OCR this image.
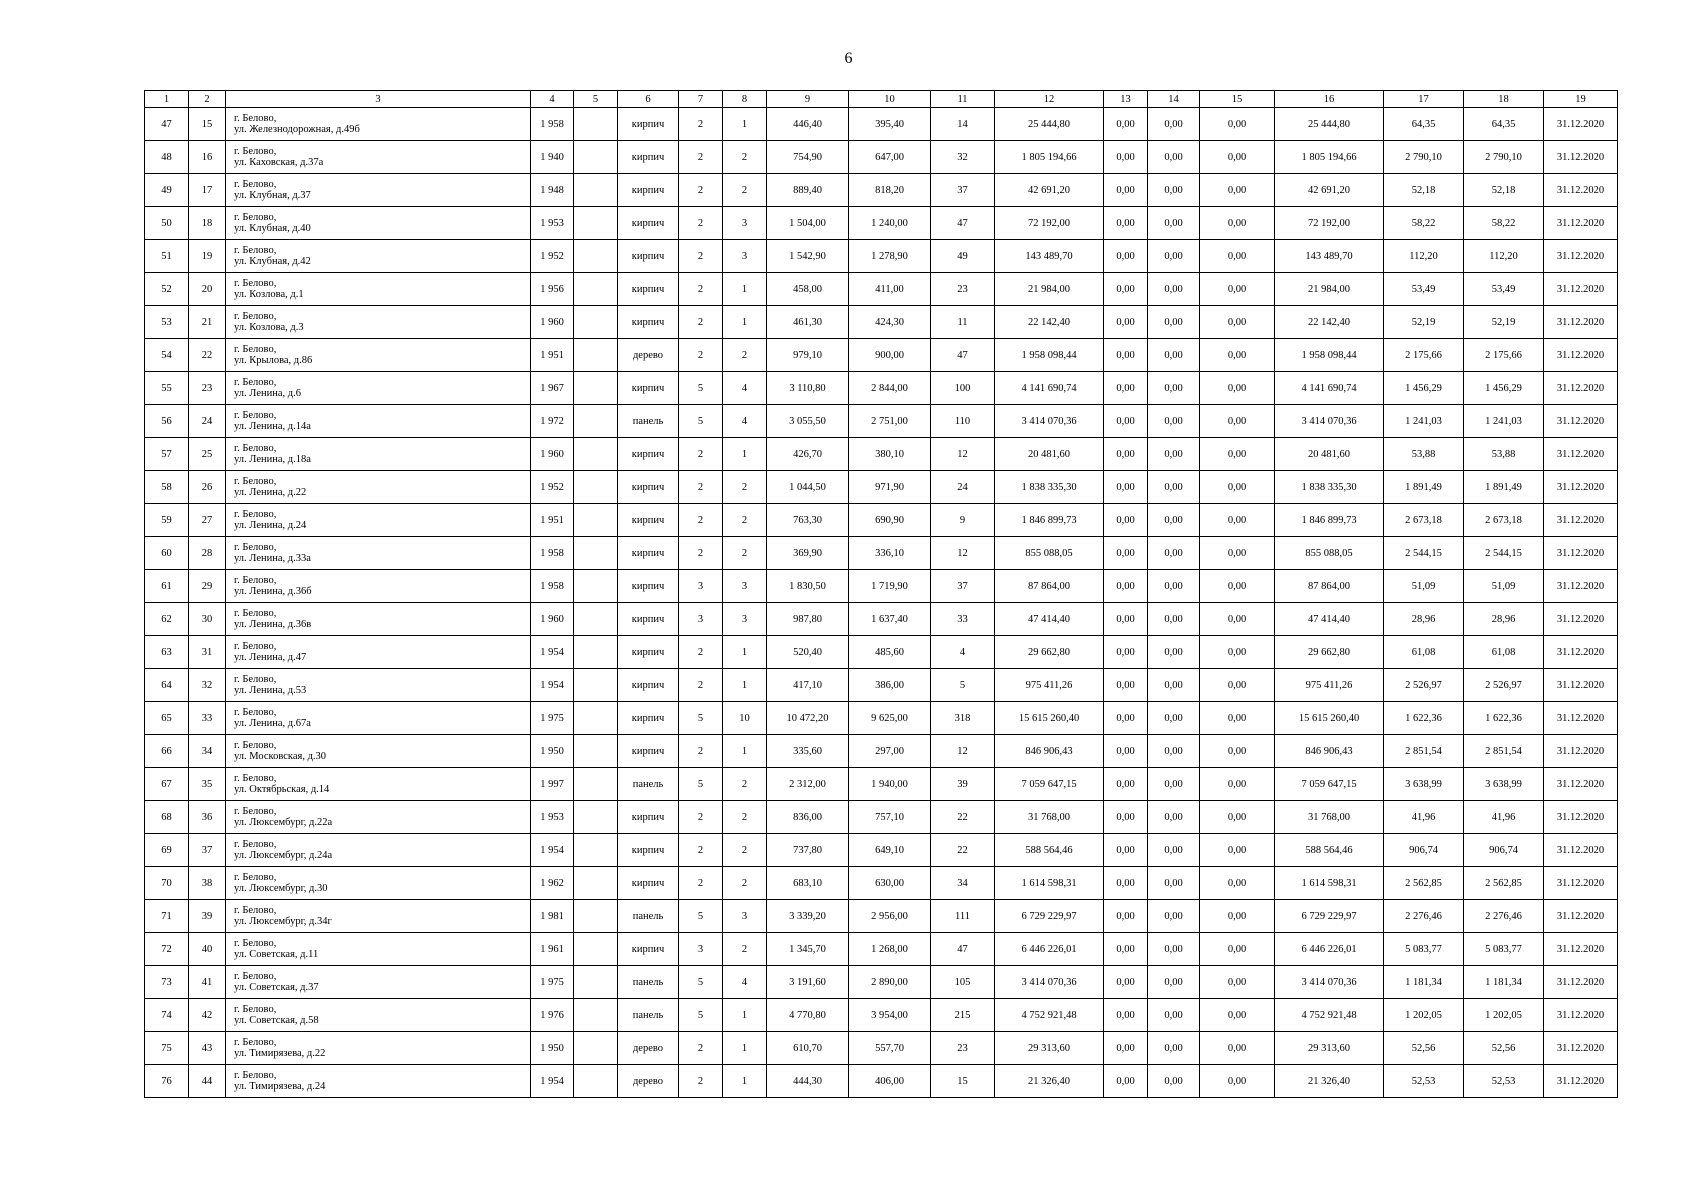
6
1	2	3	4	5	6	7	8	9	10	11	12	13	14	15	16	17	18	19
47	15	г. Белово,
ул. Железнодорожная, д.49б	1 958		кирпич	2	1	446,40	395,40	14	25 444,80	0,00	0,00	0,00	25 444,80	64,35	64,35	31.12.2020
48	16	г. Белово,
ул. Каховская, д.37а	1 940		кирпич	2	2	754,90	647,00	32	1 805 194,66	0,00	0,00	0,00	1 805 194,66	2 790,10	2 790,10	31.12.2020
49	17	г. Белово,
ул. Клубная, д.37	1 948		кирпич	2	2	889,40	818,20	37	42 691,20	0,00	0,00	0,00	42 691,20	52,18	52,18	31.12.2020
50	18	г. Белово,
ул. Клубная, д.40	1 953		кирпич	2	3	1 504,00	1 240,00	47	72 192,00	0,00	0,00	0,00	72 192,00	58,22	58,22	31.12.2020
51	19	г. Белово,
ул. Клубная, д.42	1 952		кирпич	2	3	1 542,90	1 278,90	49	143 489,70	0,00	0,00	0,00	143 489,70	112,20	112,20	31.12.2020
52	20	г. Белово,
ул. Козлова, д.1	1 956		кирпич	2	1	458,00	411,00	23	21 984,00	0,00	0,00	0,00	21 984,00	53,49	53,49	31.12.2020
53	21	г. Белово,
ул. Козлова, д.3	1 960		кирпич	2	1	461,30	424,30	11	22 142,40	0,00	0,00	0,00	22 142,40	52,19	52,19	31.12.2020
54	22	г. Белово,
ул. Крылова, д.86	1 951		дерево	2	2	979,10	900,00	47	1 958 098,44	0,00	0,00	0,00	1 958 098,44	2 175,66	2 175,66	31.12.2020
55	23	г. Белово,
ул. Ленина, д.6	1 967		кирпич	5	4	3 110,80	2 844,00	100	4 141 690,74	0,00	0,00	0,00	4 141 690,74	1 456,29	1 456,29	31.12.2020
56	24	г. Белово,
ул. Ленина, д.14а	1 972		панель	5	4	3 055,50	2 751,00	110	3 414 070,36	0,00	0,00	0,00	3 414 070,36	1 241,03	1 241,03	31.12.2020
57	25	г. Белово,
ул. Ленина, д.18а	1 960		кирпич	2	1	426,70	380,10	12	20 481,60	0,00	0,00	0,00	20 481,60	53,88	53,88	31.12.2020
58	26	г. Белово,
ул. Ленина, д.22	1 952		кирпич	2	2	1 044,50	971,90	24	1 838 335,30	0,00	0,00	0,00	1 838 335,30	1 891,49	1 891,49	31.12.2020
59	27	г. Белово,
ул. Ленина, д.24	1 951		кирпич	2	2	763,30	690,90	9	1 846 899,73	0,00	0,00	0,00	1 846 899,73	2 673,18	2 673,18	31.12.2020
60	28	г. Белово,
ул. Ленина, д.33а	1 958		кирпич	2	2	369,90	336,10	12	855 088,05	0,00	0,00	0,00	855 088,05	2 544,15	2 544,15	31.12.2020
61	29	г. Белово,
ул. Ленина, д.36б	1 958		кирпич	3	3	1 830,50	1 719,90	37	87 864,00	0,00	0,00	0,00	87 864,00	51,09	51,09	31.12.2020
62	30	г. Белово,
ул. Ленина, д.36в	1 960		кирпич	3	3	987,80	1 637,40	33	47 414,40	0,00	0,00	0,00	47 414,40	28,96	28,96	31.12.2020
63	31	г. Белово,
ул. Ленина, д.47	1 954		кирпич	2	1	520,40	485,60	4	29 662,80	0,00	0,00	0,00	29 662,80	61,08	61,08	31.12.2020
64	32	г. Белово,
ул. Ленина, д.53	1 954		кирпич	2	1	417,10	386,00	5	975 411,26	0,00	0,00	0,00	975 411,26	2 526,97	2 526,97	31.12.2020
65	33	г. Белово,
ул. Ленина, д.67а	1 975		кирпич	5	10	10 472,20	9 625,00	318	15 615 260,40	0,00	0,00	0,00	15 615 260,40	1 622,36	1 622,36	31.12.2020
66	34	г. Белово,
ул. Московская, д.30	1 950		кирпич	2	1	335,60	297,00	12	846 906,43	0,00	0,00	0,00	846 906,43	2 851,54	2 851,54	31.12.2020
67	35	г. Белово,
ул. Октябрьская, д.14	1 997		панель	5	2	2 312,00	1 940,00	39	7 059 647,15	0,00	0,00	0,00	7 059 647,15	3 638,99	3 638,99	31.12.2020
68	36	г. Белово,
ул. Люксембург, д.22а	1 953		кирпич	2	2	836,00	757,10	22	31 768,00	0,00	0,00	0,00	31 768,00	41,96	41,96	31.12.2020
69	37	г. Белово,
ул. Люксембург, д.24а	1 954		кирпич	2	2	737,80	649,10	22	588 564,46	0,00	0,00	0,00	588 564,46	906,74	906,74	31.12.2020
70	38	г. Белово,
ул. Люксембург, д.30	1 962		кирпич	2	2	683,10	630,00	34	1 614 598,31	0,00	0,00	0,00	1 614 598,31	2 562,85	2 562,85	31.12.2020
71	39	г. Белово,
ул. Люксембург, д.34г	1 981		панель	5	3	3 339,20	2 956,00	111	6 729 229,97	0,00	0,00	0,00	6 729 229,97	2 276,46	2 276,46	31.12.2020
72	40	г. Белово,
ул. Советская, д.11	1 961		кирпич	3	2	1 345,70	1 268,00	47	6 446 226,01	0,00	0,00	0,00	6 446 226,01	5 083,77	5 083,77	31.12.2020
73	41	г. Белово,
ул. Советская, д.37	1 975		панель	5	4	3 191,60	2 890,00	105	3 414 070,36	0,00	0,00	0,00	3 414 070,36	1 181,34	1 181,34	31.12.2020
74	42	г. Белово,
ул. Советская, д.58	1 976		панель	5	1	4 770,80	3 954,00	215	4 752 921,48	0,00	0,00	0,00	4 752 921,48	1 202,05	1 202,05	31.12.2020
75	43	г. Белово,
ул. Тимирязева, д.22	1 950		дерево	2	1	610,70	557,70	23	29 313,60	0,00	0,00	0,00	29 313,60	52,56	52,56	31.12.2020
76	44	г. Белово,
ул. Тимирязева, д.24	1 954		дерево	2	1	444,30	406,00	15	21 326,40	0,00	0,00	0,00	21 326,40	52,53	52,53	31.12.2020
